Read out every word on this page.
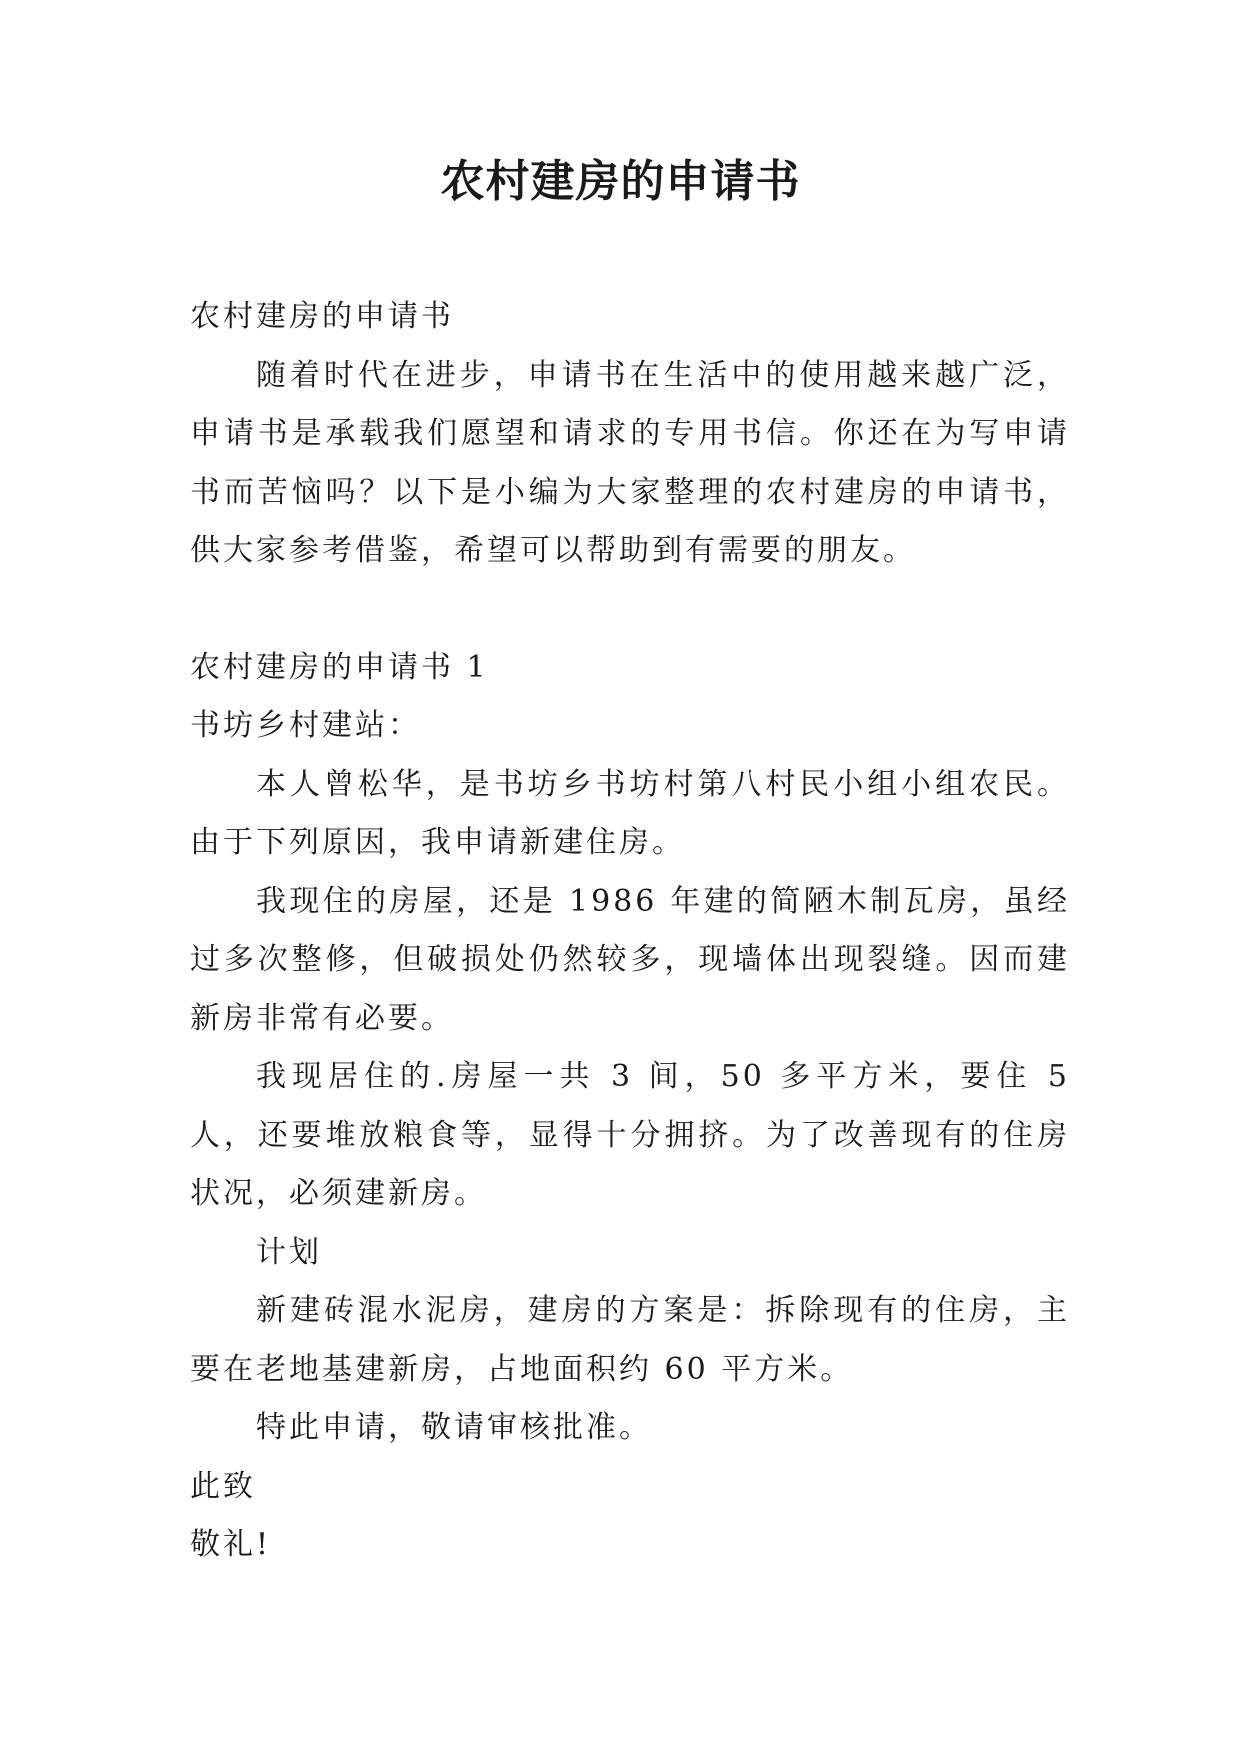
农村建房的申请书

农村建房的申请书

随着时代在进步，申请书在生活中的使用越来越广泛，申请书是承载我们愿望和请求的专用书信。你还在为写申请书而苦恼吗？以下是小编为大家整理的农村建房的申请书，供大家参考借鉴，希望可以帮助到有需要的朋友。

农村建房的申请书 1

书坊乡村建站：

本人曾松华，是书坊乡书坊村第八村民小组小组农民。由于下列原因，我申请新建住房。

我现住的房屋，还是 1986 年建的简陋木制瓦房，虽经过多次整修，但破损处仍然较多，现墙体出现裂缝。因而建新房非常有必要。

我现居住的.房屋一共 3 间，50 多平方米，要住 5 人，还要堆放粮食等，显得十分拥挤。为了改善现有的住房状况，必须建新房。

计划

新建砖混水泥房，建房的方案是：拆除现有的住房，主要在老地基建新房，占地面积约 60 平方米。

特此申请，敬请审核批准。

此致

敬礼!
